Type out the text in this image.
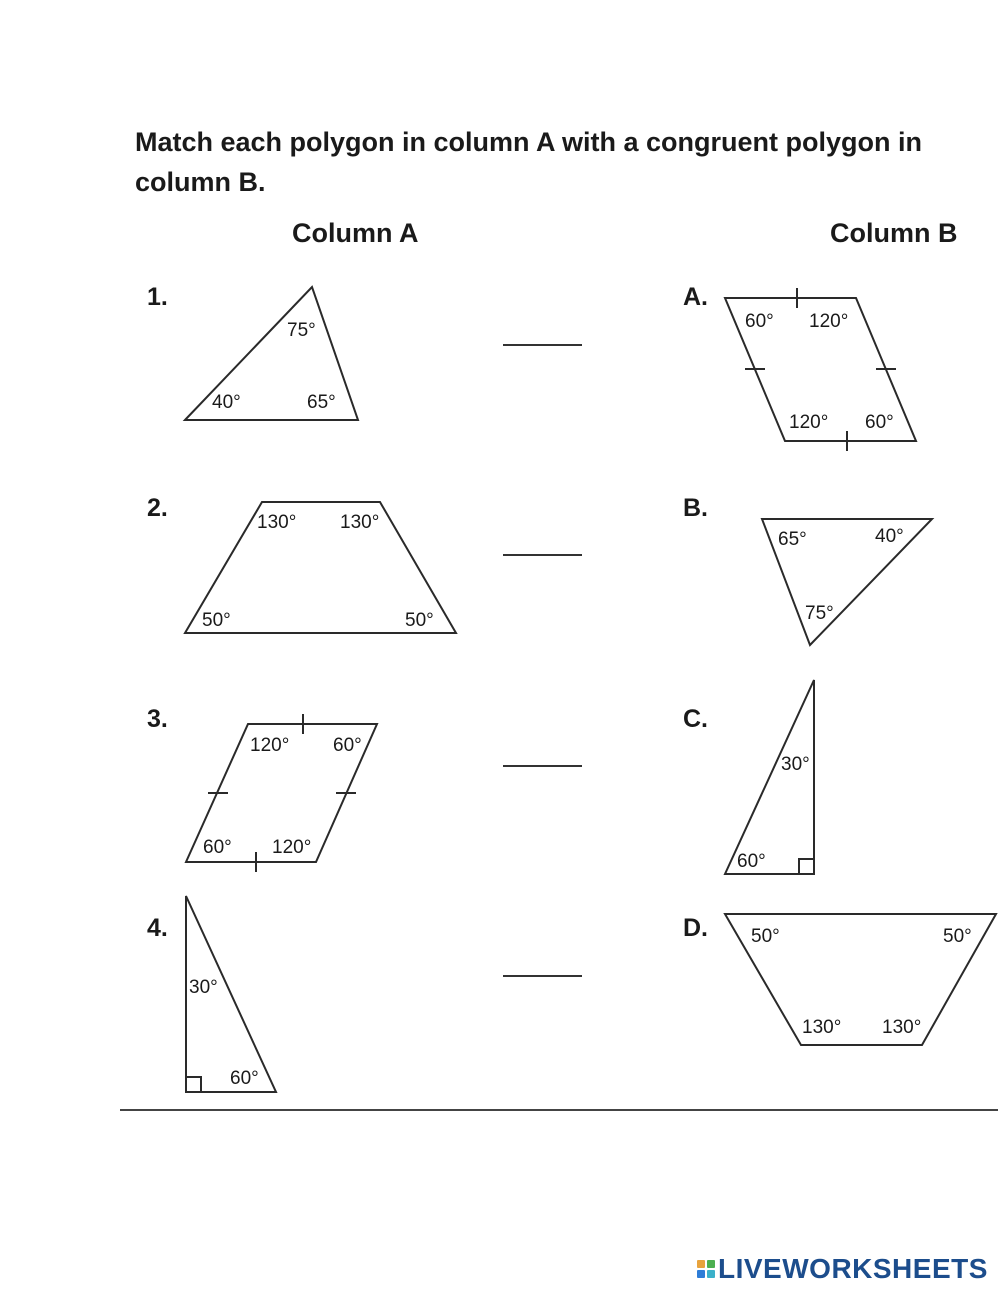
Match each polygon in column A with a congruent polygon in column B.

Column A	Column B
1.
2.
3.
4.
A.
B.
C.
D.
75°
40°	65°
130° 130°
50°	50°
120° 60°
60° 120°
30°
60°
60° 120°
120° 60°
65°	40°
75°
30°
60°
50°	50°
130° 130°
LIVEWORKSHEETS
